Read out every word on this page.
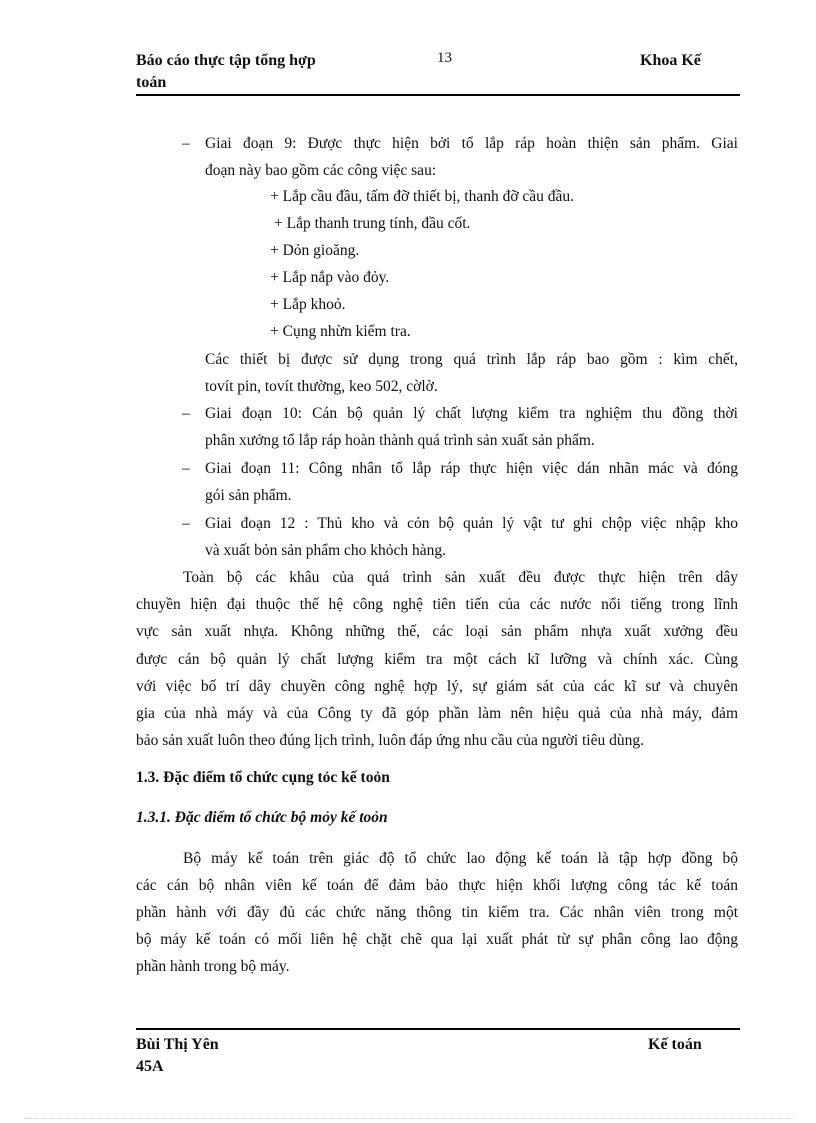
Báo cáo thực tập tổng hợp
toán
13	Khoa Kế
– Giai đoạn 9: Được thực hiện bởi tổ lắp ráp hoàn thiện sản phẩm. Giai
đoạn này bao gồm các công việc sau:
+ Lắp cầu đầu, tấm đỡ thiết bị, thanh đỡ cầu đầu.
+ Lắp thanh trung tính, đầu cốt.
+ Dỏn gioăng.
+ Lắp nắp vào đỏy.
+ Lắp khoỏ.
+ Cụng nhừn kiểm tra.
Các thiết bị được sử dụng trong quá trình lắp ráp bao gồm : kìm chết,
tovít pin, tovít thường, keo 502, cờlờ.
– Giai đoạn 10: Cán bộ quản lý chất lượng kiểm tra nghiệm thu đồng thời
phân xưởng tổ lắp ráp hoàn thành quá trình sản xuất sản phẩm.
– Giai đoạn 11: Công nhân tổ lắp ráp thực hiện việc dán nhãn mác và đóng
gói sản phẩm.
– Giai đoạn 12 : Thủ kho và cỏn bộ quản lý vật tư ghi chộp việc nhập kho
và xuất bỏn sản phẩm cho khỏch hàng.
Toàn bộ các khâu của quá trình sản xuất đều được thực hiện trên dây
chuyền hiện đại thuộc thế hệ công nghệ tiên tiến của các nước nổi tiếng trong lĩnh
vực sản xuất nhựa. Không những thế, các loại sản phẩm nhựa xuất xưởng đều
được cán bộ quản lý chất lượng kiểm tra một cách kĩ lưỡng và chính xác. Cùng
với việc bố trí dây chuyền công nghệ hợp lý, sự giám sát của các kĩ sư và chuyên
gia của nhà máy và của Công ty đã góp phần làm nên hiệu quả của nhà máy, đảm
bảo sản xuất luôn theo đúng lịch trình, luôn đáp ứng nhu cầu của người tiêu dùng.
1.3. Đặc điểm tổ chức cụng tỏc kế toỏn
1.3.1. Đặc điểm tổ chức bộ mỏy kế toỏn
Bộ máy kế toán trên giác độ tổ chức lao động kế toán là tập hợp đồng bộ
các cán bộ nhân viên kế toán để đảm bảo thực hiện khối lượng công tác kế toán
phần hành với đầy đủ các chức năng thông tin kiểm tra. Các nhân viên trong một
bộ máy kế toán có mối liên hệ chặt chẽ qua lại xuất phát từ sự phân công lao động
phần hành trong bộ máy.
Bùi Thị Yên
45A
Kế toán
